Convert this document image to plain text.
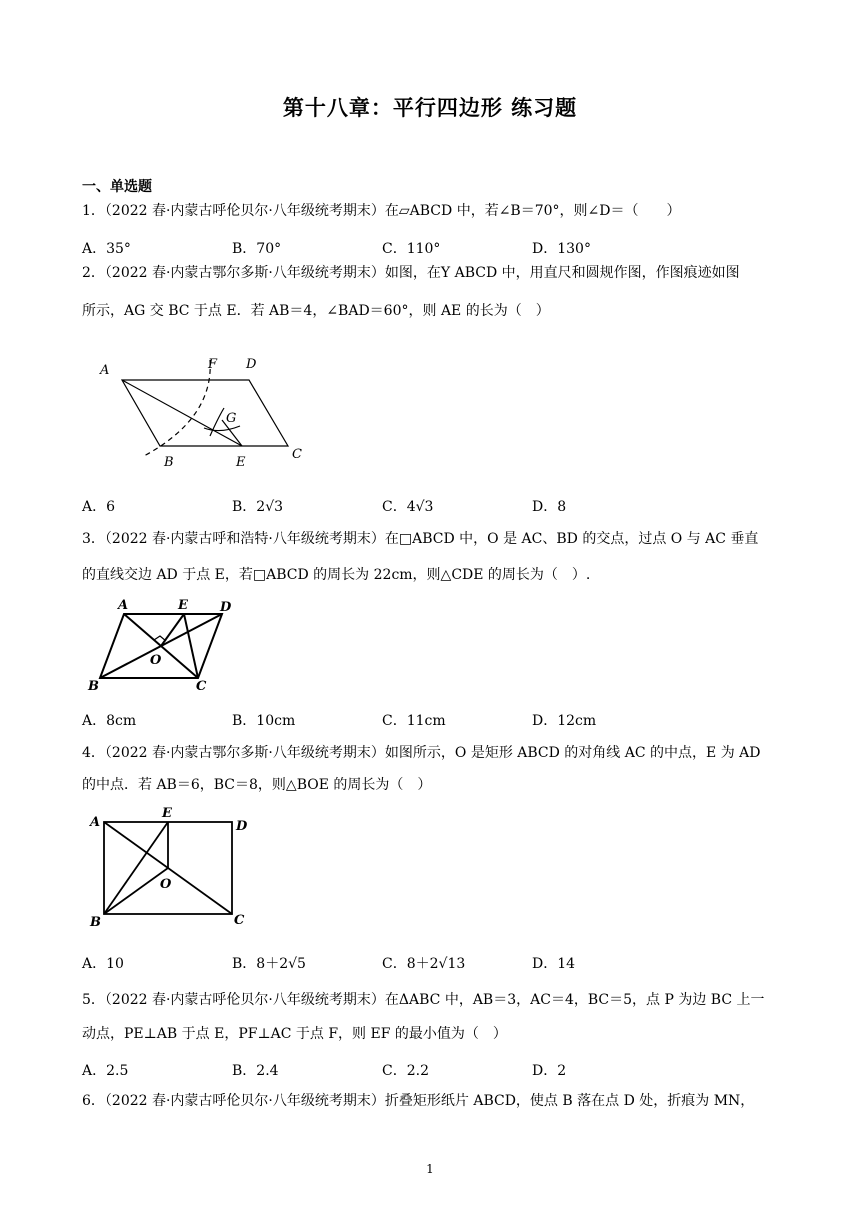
第十八章：平行四边形 练习题
一、单选题
1．（2022 春·内蒙古呼伦贝尔·八年级统考期末）在▱ABCD 中，若∠B＝70°，则∠D＝（　　）
A．35°	B．70°	C．110°	D．130°
2．（2022 春·内蒙古鄂尔多斯·八年级统考期末）如图，在Y ABCD 中，用直尺和圆规作图，作图痕迹如图
所示，AG 交 BC 于点 E．若 AB＝4，∠BAD＝60°，则 AE 的长为（　）
A	F D
G
B	E
C
A．6	B．2√3	C．4√3	D．8
3．（2022 春·内蒙古呼和浩特·八年级统考期末）在□ABCD 中，O 是 AC、BD 的交点，过点 O 与 AC 垂直
的直线交边 AD 于点 E，若□ABCD 的周长为 22cm，则△CDE 的周长为（　）.
A	E D
O
B	C
A．8cm	B．10cm	C．11cm	D．12cm
4．（2022 春·内蒙古鄂尔多斯·八年级统考期末）如图所示，O 是矩形 ABCD 的对角线 AC 的中点，E 为 AD
的中点．若 AB＝6，BC＝8，则△BOE 的周长为（　）
A
E
D
O
B	C
A．10	B．8＋2√5	C．8＋2√13	D．14
5．（2022 春·内蒙古呼伦贝尔·八年级统考期末）在ΔABC 中，AB＝3，AC＝4，BC＝5，点 P 为边 BC 上一
动点，PE⊥AB 于点 E，PF⊥AC 于点 F，则 EF 的最小值为（　）
A．2.5	B．2.4	C．2.2	D．2
6．（2022 春·内蒙古呼伦贝尔·八年级统考期末）折叠矩形纸片 ABCD，使点 B 落在点 D 处，折痕为 MN，
1
